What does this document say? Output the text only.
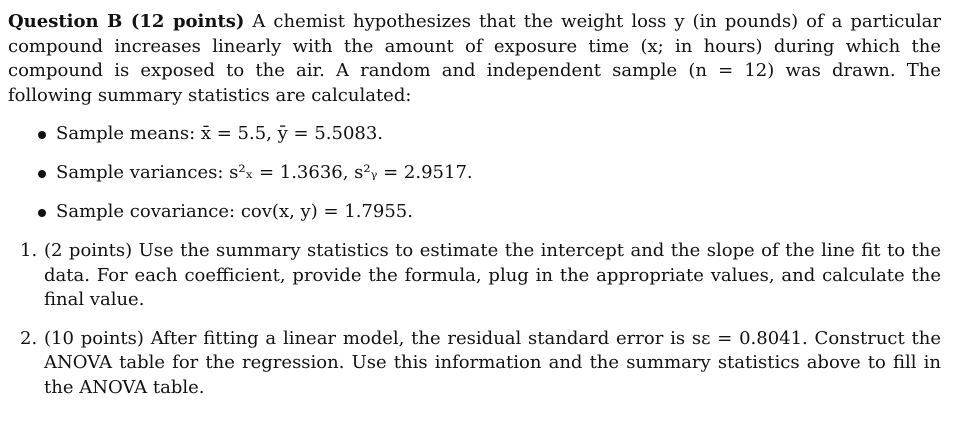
Question B (12 points) A chemist hypothesizes that the weight loss y (in pounds) of a particular compound increases linearly with the amount of exposure time (x; in hours) during which the compound is exposed to the air. A random and independent sample (n = 12) was drawn. The following summary statistics are calculated:

Sample means: x̄ = 5.5, ȳ = 5.5083.
Sample variances: s²ₓ = 1.3636, s²ᵧ = 2.9517.
Sample covariance: cov(x, y) = 1.7955.
1. (2 points) Use the summary statistics to estimate the intercept and the slope of the line fit to the data. For each coefficient, provide the formula, plug in the appropriate values, and calculate the final value.
2. (10 points) After fitting a linear model, the residual standard error is sε = 0.8041. Construct the ANOVA table for the regression. Use this information and the summary statistics above to fill in the ANOVA table.
